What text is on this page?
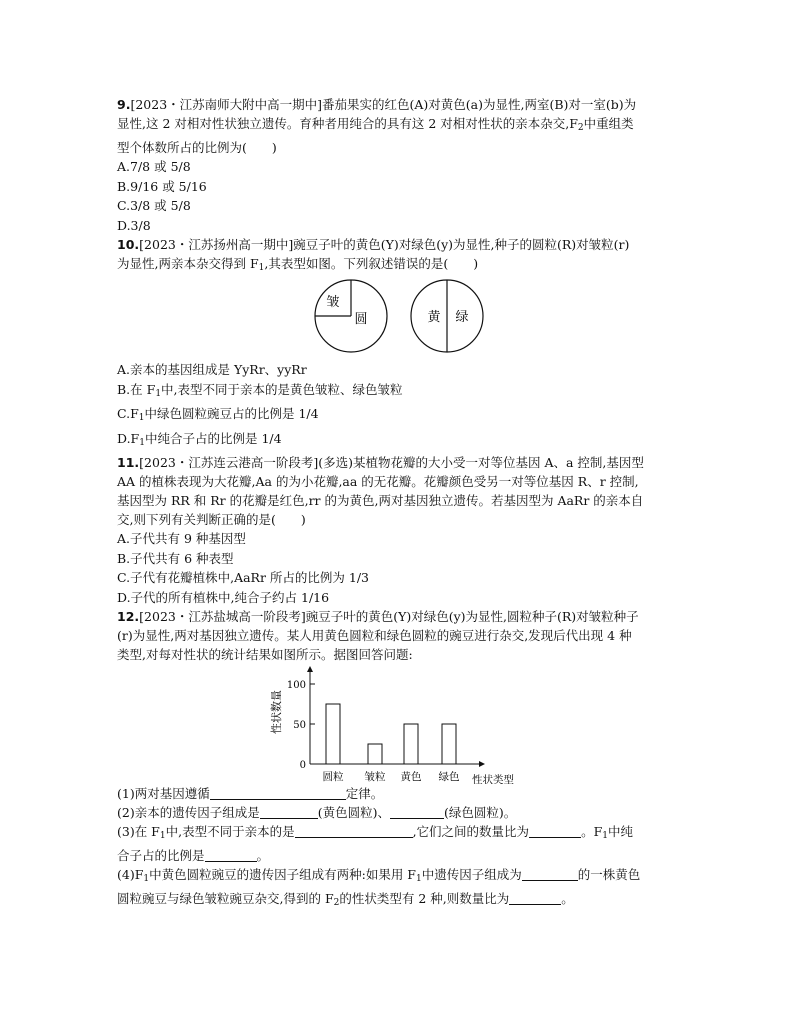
9.[2023・江苏南师大附中高一期中]番茄果实的红色(A)对黄色(a)为显性,两室(B)对一室(b)为
显性,这 2 对相对性状独立遗传。育种者用纯合的具有这 2 对相对性状的亲本杂交$,F_2$中重组类
型个体数所占的比例为(　　)
A.7/8 或 5/8
B.9/16 或 5/16
C.3/8 或 5/8
D.3/8
10.[2023・江苏扬州高一期中]豌豆子叶的黄色(Y)对绿色(y)为显性,种子的圆粒(R)对皱粒(r)
为显性,两亲本杂交得到 $F_1$,其表型如图。下列叙述错误的是(　　)
皱
圆	黄 绿
A.亲本的基因组成是 YyRr、yyRr
B.在 $F_1$中,表型不同于亲本的是黄色皱粒、绿色皱粒
$C.F_1$中绿色圆粒豌豆占的比例是 1/4
$D.F_1$中纯合子占的比例是 1/4
11.[2023・江苏连云港高一阶段考](多选)某植物花瓣的大小受一对等位基因 A、a 控制,基因型
AA 的植株表现为大花瓣,Aa 的为小花瓣,aa 的无花瓣。花瓣颜色受另一对等位基因 R、r 控制,
基因型为 RR 和 Rr 的花瓣是红色,rr 的为黄色,两对基因独立遗传。若基因型为 AaRr 的亲本自
交,则下列有关判断正确的是(　　)
A.子代共有 9 种基因型
B.子代共有 6 种表型
C.子代有花瓣植株中,AaRr 所占的比例为 1/3
D.子代的所有植株中,纯合子约占 1/16
12.[2023・江苏盐城高一阶段考]豌豆子叶的黄色(Y)对绿色(y)为显性,圆粒种子(R)对皱粒种子
(r)为显性,两对基因独立遗传。某人用黄色圆粒和绿色圆粒的豌豆进行杂交,发现后代出现 4 种
类型,对每对性状的统计结果如图所示。据图回答问题:
0
50
100
性状数量
圆粒 皱粒 黄色 绿色 性状类型
(1)两对基因遵循	定律。
(2)亲本的遗传因子组成是	(黄色圆粒)、	(绿色圆粒)。
(3)在 $F_1$中,表型不同于亲本的是	,它们之间的数量比为	。$F_1$中纯
合子占的比例是	。
$(4)F_1$中黄色圆粒豌豆的遗传因子组成有两种:如果用 $F_1$中遗传因子组成为	的一株黄色
圆粒豌豆与绿色皱粒豌豆杂交,得到的 $F_2$的性状类型有 2 种,则数量比为	。
